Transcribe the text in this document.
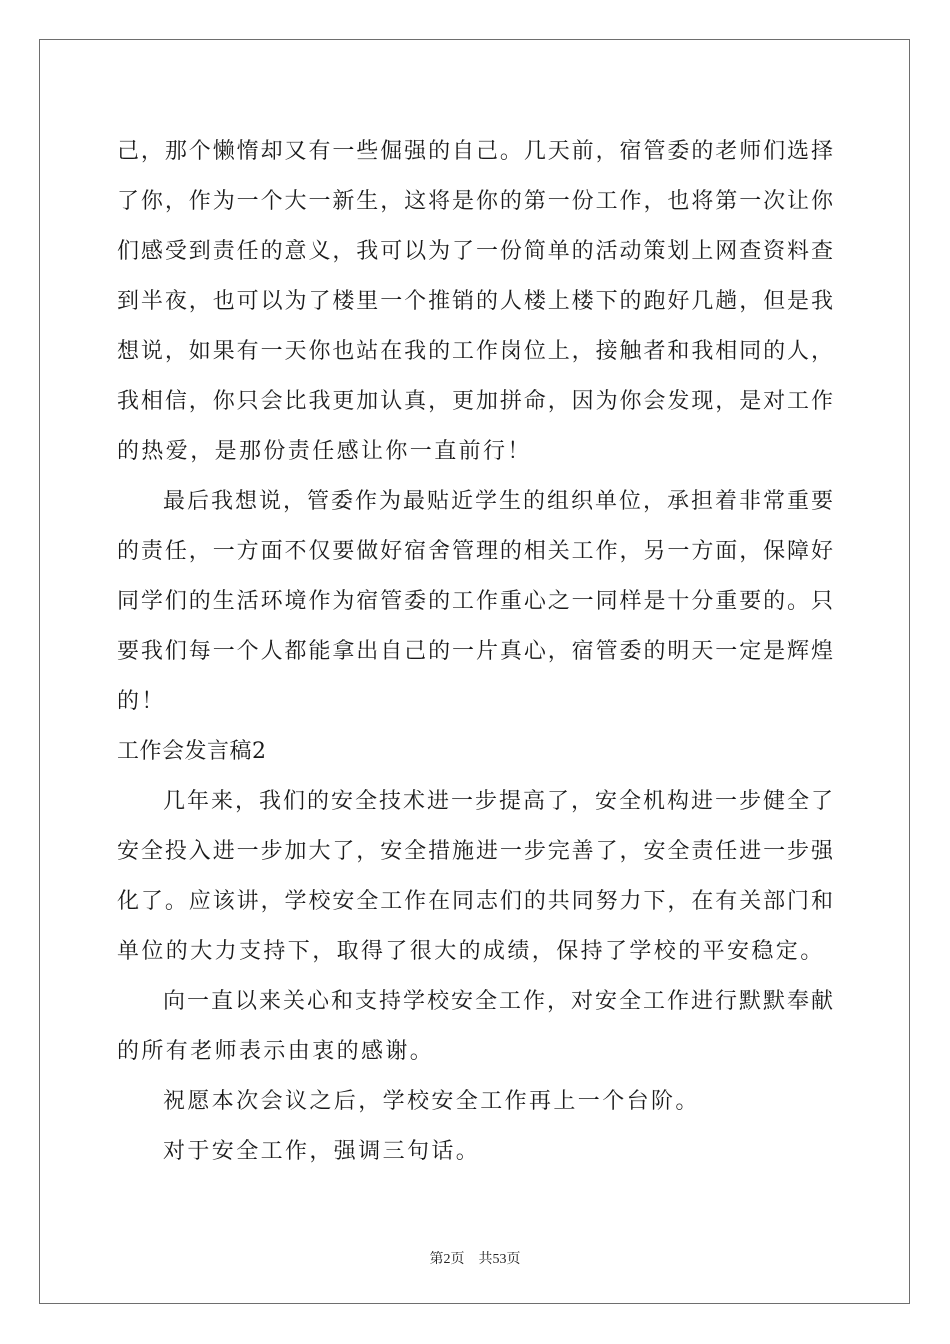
己，那个懒惰却又有一些倔强的自己。几天前，宿管委的老师们选择
了你，作为一个大一新生，这将是你的第一份工作，也将第一次让你
们感受到责任的意义，我可以为了一份简单的活动策划上网查资料查
到半夜，也可以为了楼里一个推销的人楼上楼下的跑好几趟，但是我
想说，如果有一天你也站在我的工作岗位上，接触者和我相同的人，
我相信，你只会比我更加认真，更加拼命，因为你会发现，是对工作
的热爱，是那份责任感让你一直前行！
最后我想说，管委作为最贴近学生的组织单位，承担着非常重要
的责任，一方面不仅要做好宿舍管理的相关工作，另一方面，保障好
同学们的生活环境作为宿管委的工作重心之一同样是十分重要的。只
要我们每一个人都能拿出自己的一片真心，宿管委的明天一定是辉煌
的！
工作会发言稿2
几年来，我们的安全技术进一步提高了，安全机构进一步健全了
安全投入进一步加大了，安全措施进一步完善了，安全责任进一步强
化了。应该讲，学校安全工作在同志们的共同努力下，在有关部门和
单位的大力支持下，取得了很大的成绩，保持了学校的平安稳定。
向一直以来关心和支持学校安全工作，对安全工作进行默默奉献
的所有老师表示由衷的感谢。
祝愿本次会议之后，学校安全工作再上一个台阶。
对于安全工作，强调三句话。
第2页 共53页
